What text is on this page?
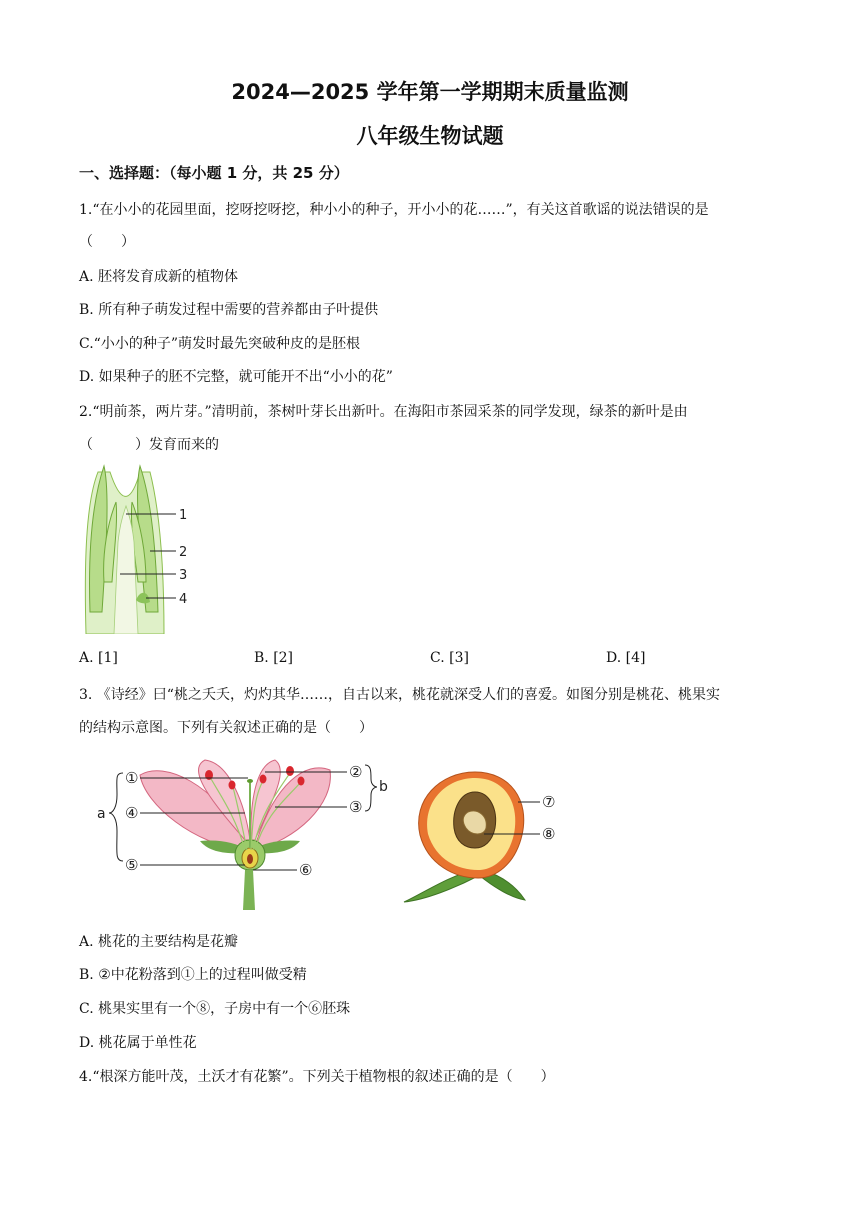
2024—2025 学年第一学期期末质量监测
八年级生物试题
一、选择题：（每小题 1 分，共 25 分）
1.“在小小的花园里面，挖呀挖呀挖，种小小的种子，开小小的花……”，有关这首歌谣的说法错误的是
（　　）
A. 胚将发育成新的植物体
B. 所有种子萌发过程中需要的营养都由子叶提供
C.“小小的种子”萌发时最先突破种皮的是胚根
D. 如果种子的胚不完整，就可能开不出“小小的花”
2.“明前茶，两片芽。”清明前，茶树叶芽长出新叶。在海阳市茶园采茶的同学发现，绿茶的新叶是由
（　　　）发育而来的
1
2
3
4
A. [1]	B. [2]	C. [3]	D. [4]
3. 《诗经》曰“桃之夭夭，灼灼其华……，自古以来，桃花就深受人们的喜爱。如图分别是桃花、桃果实
的结构示意图。下列有关叙述正确的是（　　）
①
④
⑤
②
③
⑥
a
b
⑦
⑧
A. 桃花的主要结构是花瓣
B. ②中花粉落到①上的过程叫做受精
C. 桃果实里有一个⑧，子房中有一个⑥胚珠
D. 桃花属于单性花
4.“根深方能叶茂，土沃才有花繁”。下列关于植物根的叙述正确的是（　　）
